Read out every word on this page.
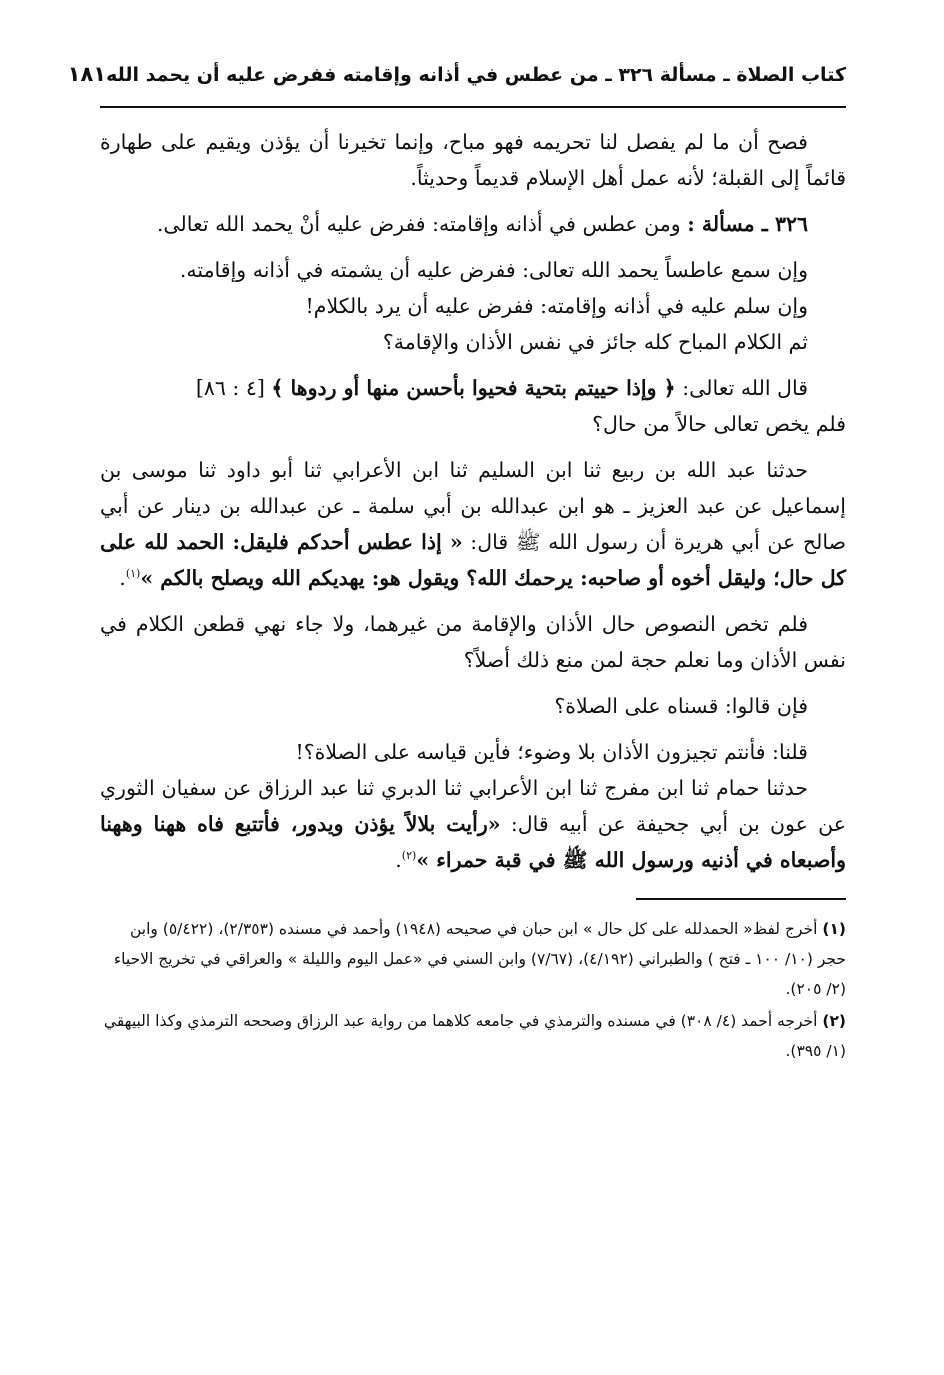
كتاب الصلاة ـ مسألة ٣٢٦ ـ من عطس في أذانه وإقامته ففرض عليه أن يحمد الله
١٨١

فصح أن ما لم يفصل لنا تحريمه فهو مباح، وإنما تخيرنا أن يؤذن ويقيم على طهارة قائماً إلى القبلة؛ لأنه عمل أهل الإسلام قديماً وحديثاً.

٣٢٦ ـ مسألة : ومن عطس في أذانه وإقامته: ففرض عليه أنْ يحمد الله تعالى.

وإن سمع عاطساً يحمد الله تعالى: ففرض عليه أن يشمته في أذانه وإقامته.
وإن سلم عليه في أذانه وإقامته: ففرض عليه أن يرد بالكلام!
ثم الكلام المباح كله جائز في نفس الأذان والإقامة؟

قال الله تعالى: ﴿ وإذا حييتم بتحية فحيوا بأحسن منها أو ردوها ﴾ [٤ : ٨٦]
فلم يخص تعالى حالاً من حال؟

حدثنا عبد الله بن ربيع ثنا ابن السليم ثنا ابن الأعرابي ثنا أبو داود ثنا موسى بن إسماعيل عن عبد العزيز ـ هو ابن عبدالله بن أبي سلمة ـ عن عبدالله بن دينار عن أبي صالح عن أبي هريرة أن رسول الله ﷺ قال: « إذا عطس أحدكم فليقل: الحمد لله على كل حال؛ وليقل أخوه أو صاحبه: يرحمك الله؟ ويقول هو: يهديكم الله ويصلح بالكم »$^{(١)}$.

فلم تخص النصوص حال الأذان والإقامة من غيرهما، ولا جاء نهي قطعن الكلام في نفس الأذان وما نعلم حجة لمن منع ذلك أصلاً؟

فإن قالوا: قسناه على الصلاة؟

قلنا: فأنتم تجيزون الأذان بلا وضوء؛ فأين قياسه على الصلاة؟!

حدثنا حمام ثنا ابن مفرج ثنا ابن الأعرابي ثنا الدبري ثنا عبد الرزاق عن سفيان الثوري عن عون بن أبي جحيفة عن أبيه قال: «رأيت بلالاً يؤذن ويدور، فأتتبع فاه ههنا وههنا وأصبعاه في أذنيه ورسول الله ﷺ في قبة حمراء »$^{(٢)}$.

(١) أخرج لفظ« الحمدلله على كل حال » ابن حبان في صحيحه (١٩٤٨) وأحمد في مسنده (٢/٣٥٣)، (٥/٤٢٢) وابن حجر (١٠/ ١٠٠ ـ فتح ) والطبراني (٤/١٩٢)، (٧/٦٧) وابن السني في «عمل اليوم والليلة » والعراقي في تخريج الاحياء (٢/ ٢٠٥).

(٢) أخرجه أحمد (٤/ ٣٠٨) في مسنده والترمذي في جامعه كلاهما من رواية عبد الرزاق وصححه الترمذي وكذا البيهقي (١/ ٣٩٥).
